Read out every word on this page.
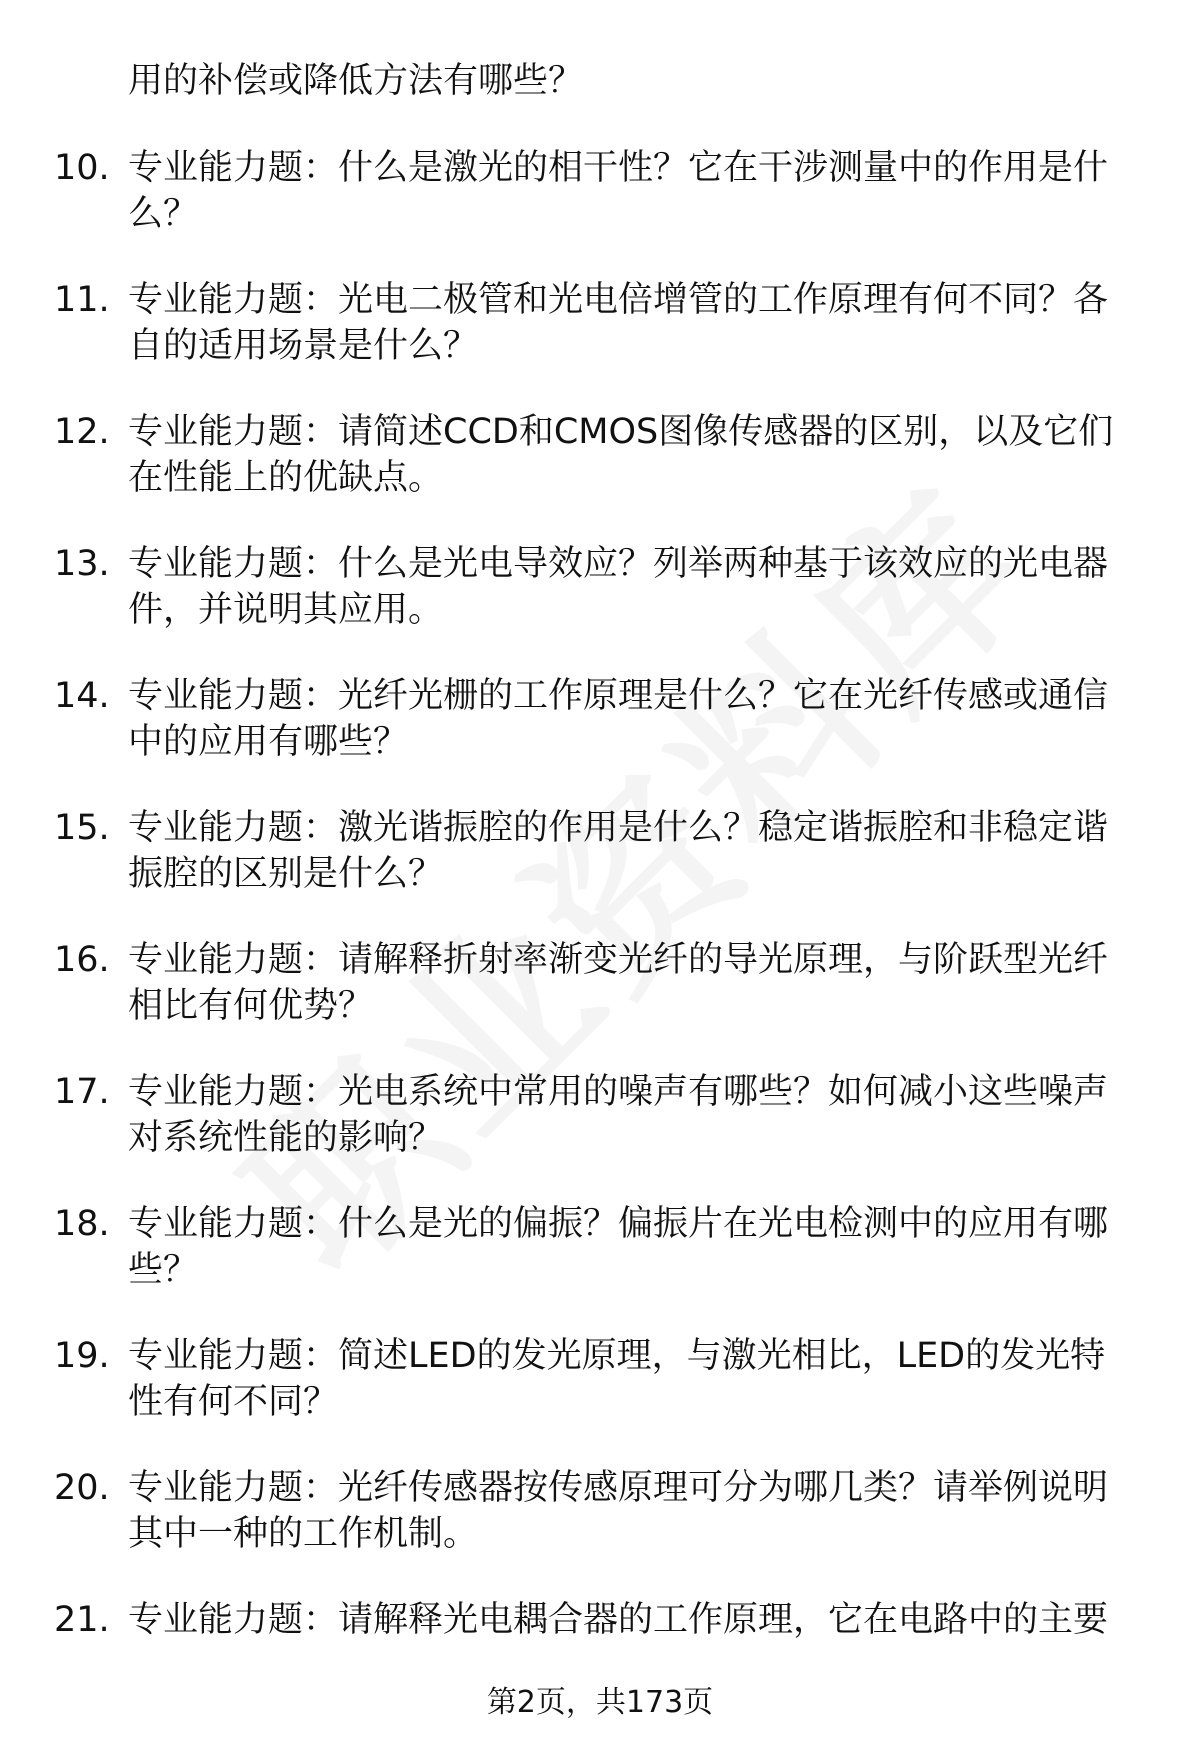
用的补偿或降低方法有哪些？
10. 专业能力题：什么是激光的相干性？它在干涉测量中的作用是什
么？
11. 专业能力题：光电二极管和光电倍增管的工作原理有何不同？各
自的适用场景是什么？
12. 专业能力题：请简述CCD和CMOS图像传感器的区别，以及它们
在性能上的优缺点。
13. 专业能力题：什么是光电导效应？列举两种基于该效应的光电器
件，并说明其应用。
14. 专业能力题：光纤光栅的工作原理是什么？它在光纤传感或通信
中的应用有哪些？
15. 专业能力题：激光谐振腔的作用是什么？稳定谐振腔和非稳定谐
振腔的区别是什么？
16. 专业能力题：请解释折射率渐变光纤的导光原理，与阶跃型光纤
相比有何优势？
17. 专业能力题：光电系统中常用的噪声有哪些？如何减小这些噪声
对系统性能的影响？
18. 专业能力题：什么是光的偏振？偏振片在光电检测中的应用有哪
些？
19. 专业能力题：简述LED的发光原理，与激光相比，LED的发光特
性有何不同？
20. 专业能力题：光纤传感器按传感原理可分为哪几类？请举例说明
其中一种的工作机制。
21. 专业能力题：请解释光电耦合器的工作原理，它在电路中的主要
第2页，共173页
